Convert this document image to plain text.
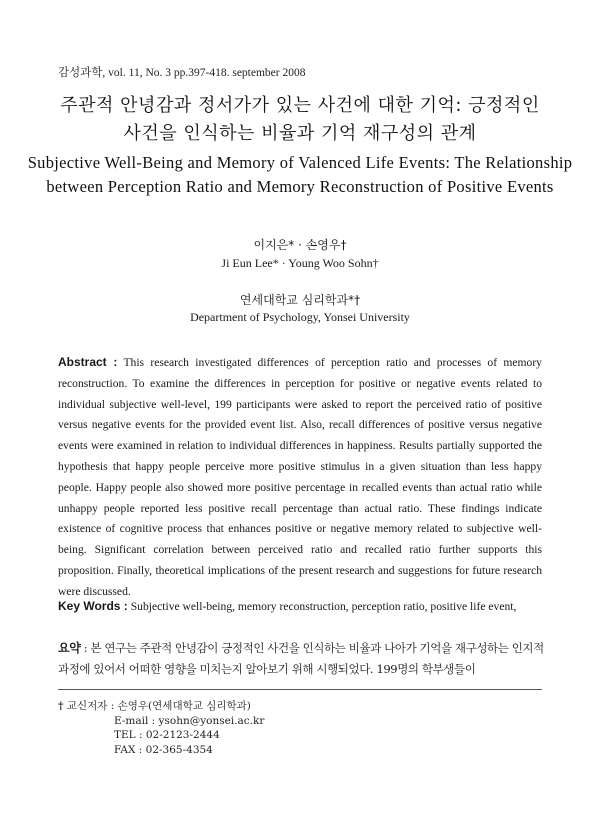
감성과학, vol. 11, No. 3 pp.397-418. september 2008
주관적 안녕감과 정서가가 있는 사건에 대한 기억: 긍정적인
사건을 인식하는 비율과 기억 재구성의 관계
Subjective Well-Being and Memory of Valenced Life Events: The Relationship
between Perception Ratio and Memory Reconstruction of Positive Events
이지은* · 손영우†
Ji Eun Lee* · Young Woo Sohn†
연세대학교 심리학과*†
Department of Psychology, Yonsei University
Abstract : This research investigated differences of perception ratio and processes of memory reconstruction. To examine the differences in perception for positive or negative events related to individual subjective well-level, 199 participants were asked to report the perceived ratio of positive versus negative events for the provided event list. Also, recall differences of positive versus negative events were examined in relation to individual differences in happiness. Results partially supported the hypothesis that happy people perceive more positive stimulus in a given situation than less happy people. Happy people also showed more positive percentage in recalled events than actual ratio while unhappy people reported less positive recall percentage than actual ratio. These findings indicate existence of cognitive process that enhances positive or negative memory related to subjective well-being. Significant correlation between perceived ratio and recalled ratio further supports this proposition. Finally, theoretical implications of the present research and suggestions for future research were discussed.
Key Words : Subjective well-being, memory reconstruction, perception ratio, positive life event,
요약 : 본 연구는 주관적 안녕감이 긍정적인 사건을 인식하는 비율과 나아가 기억을 재구성하는 인지적 과정에 있어서 어떠한 영향을 미치는지 알아보기 위해 시행되었다. 199명의 학부생들이
† 교신저자 : 손영우(연세대학교 심리학과)
E-mail : ysohn@yonsei.ac.kr
TEL : 02-2123-2444
FAX : 02-365-4354
